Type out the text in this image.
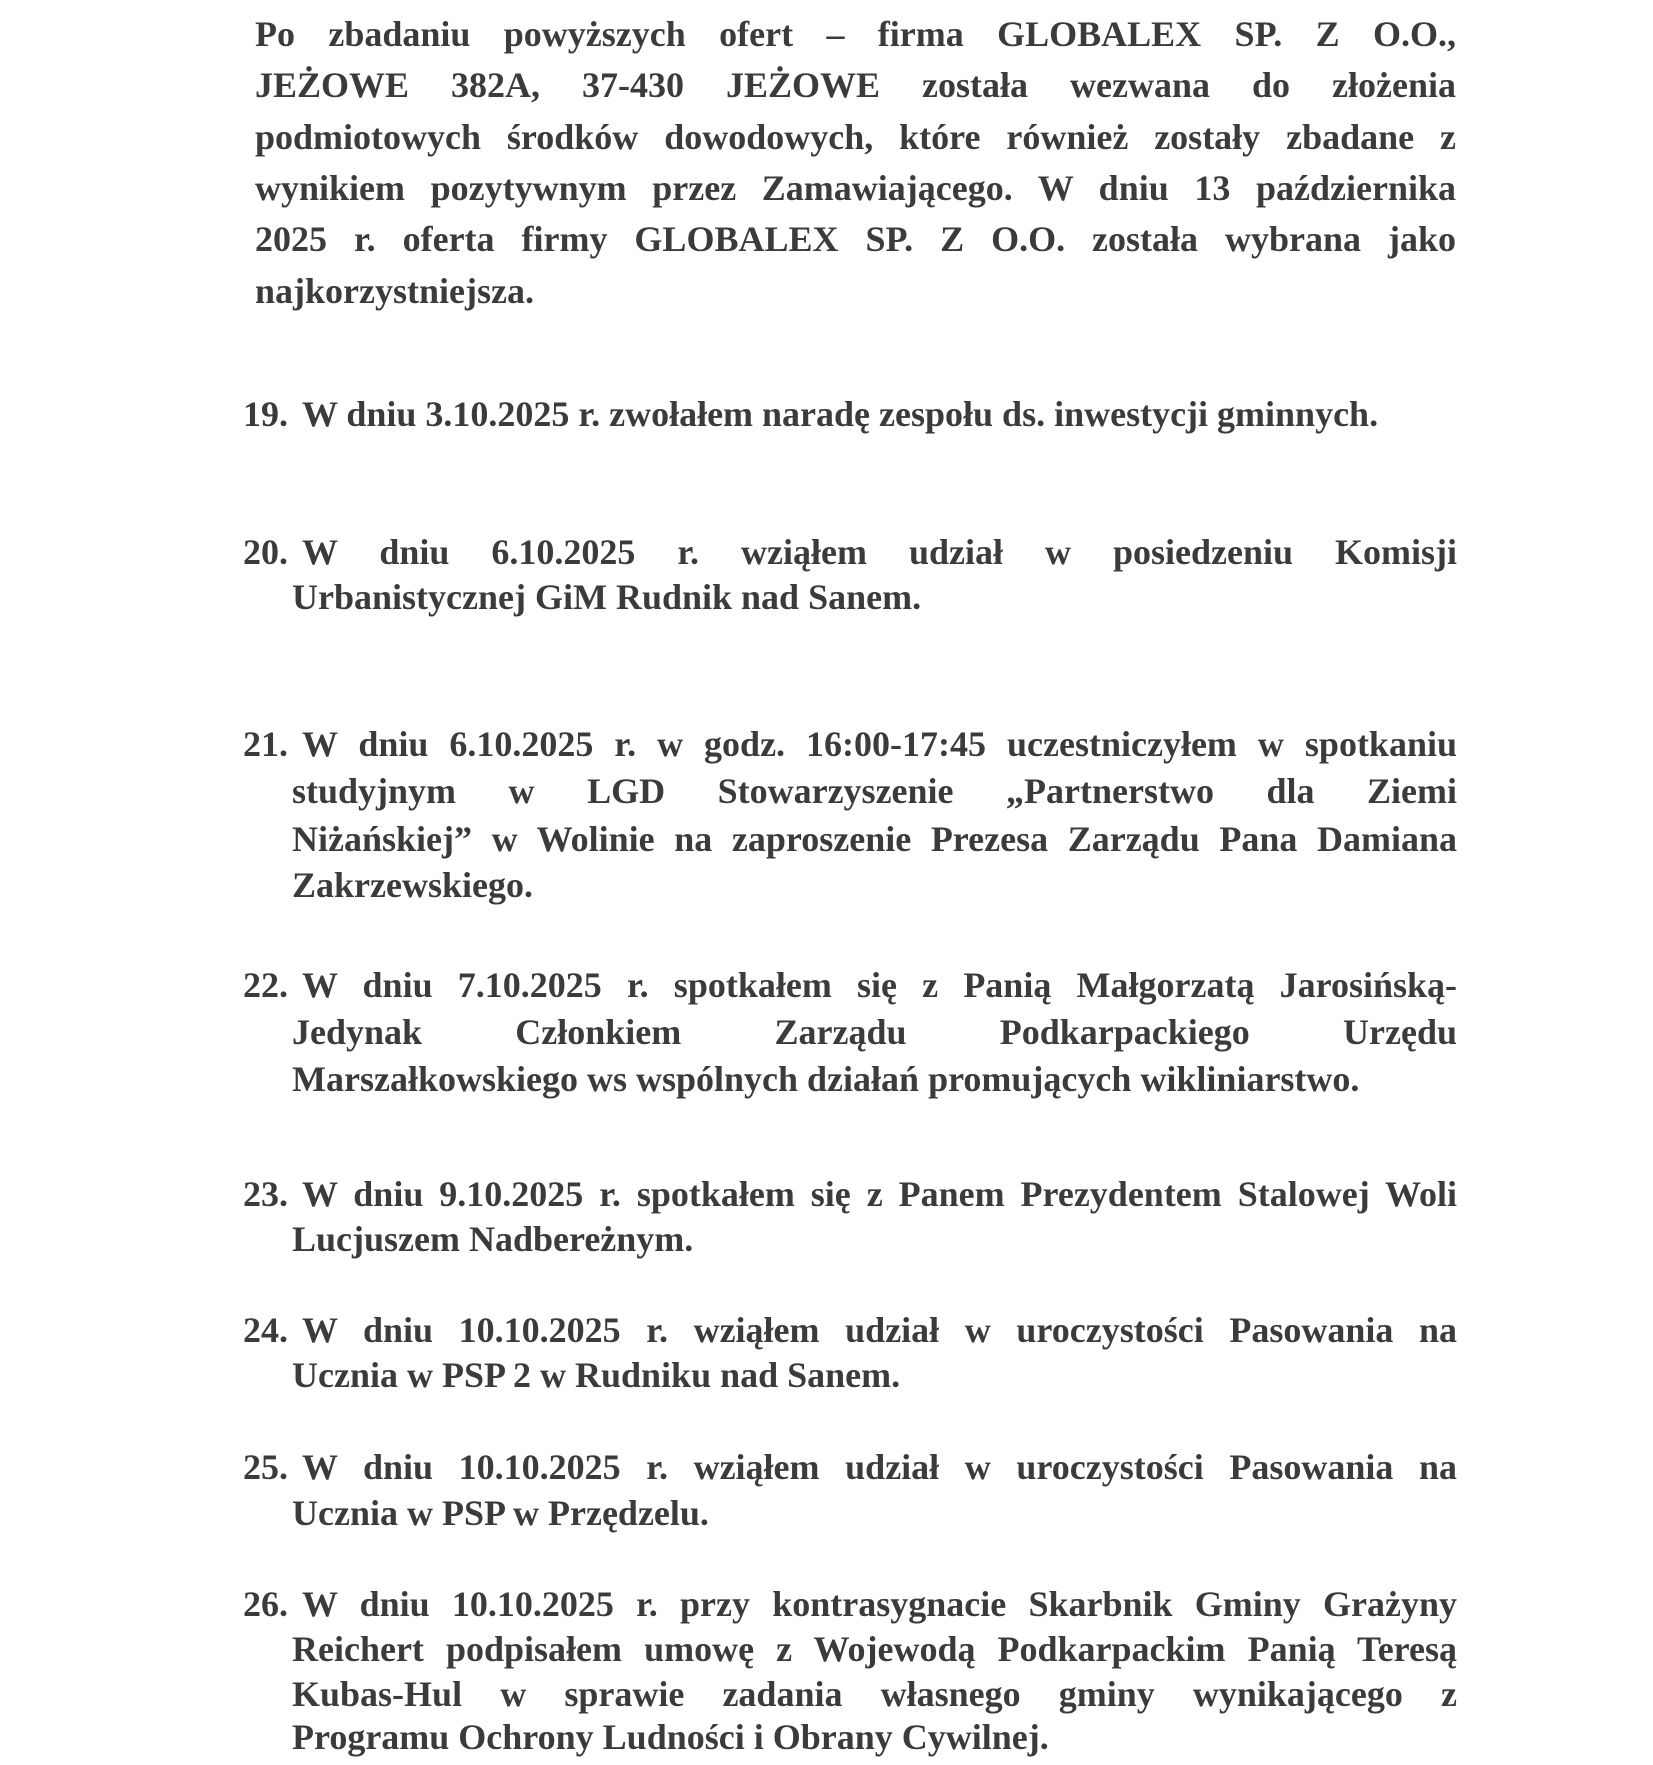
Po zbadaniu powyższych ofert – firma GLOBALEX SP. Z O.O.,
JEŻOWE 382A, 37-430 JEŻOWE została wezwana do złożenia
podmiotowych środków dowodowych, które również zostały zbadane z
wynikiem pozytywnym przez Zamawiającego. W dniu 13 października
2025 r. oferta firmy GLOBALEX SP. Z O.O. została wybrana jako
najkorzystniejsza.
19. W dniu 3.10.2025 r. zwołałem naradę zespołu ds. inwestycji gminnych.
20. W dniu 6.10.2025 r. wziąłem udział w posiedzeniu Komisji
Urbanistycznej GiM Rudnik nad Sanem.
21. W dniu 6.10.2025 r. w godz. 16:00-17:45 uczestniczyłem w spotkaniu
studyjnym w LGD Stowarzyszenie „Partnerstwo dla Ziemi
Niżańskiej” w Wolinie na zaproszenie Prezesa Zarządu Pana Damiana
Zakrzewskiego.
22. W dniu 7.10.2025 r. spotkałem się z Panią Małgorzatą Jarosińską-
Jedynak Członkiem Zarządu Podkarpackiego Urzędu
Marszałkowskiego ws wspólnych działań promujących wikliniarstwo.
23. W dniu 9.10.2025 r. spotkałem się z Panem Prezydentem Stalowej Woli
Lucjuszem Nadbereżnym.
24. W dniu 10.10.2025 r. wziąłem udział w uroczystości Pasowania na
Ucznia w PSP 2 w Rudniku nad Sanem.
25. W dniu 10.10.2025 r. wziąłem udział w uroczystości Pasowania na
Ucznia w PSP w Przędzelu.
26. W dniu 10.10.2025 r. przy kontrasygnacie Skarbnik Gminy Grażyny
Reichert podpisałem umowę z Wojewodą Podkarpackim Panią Teresą
Kubas-Hul w sprawie zadania własnego gminy wynikającego z
Programu Ochrony Ludności i Obrany Cywilnej.
